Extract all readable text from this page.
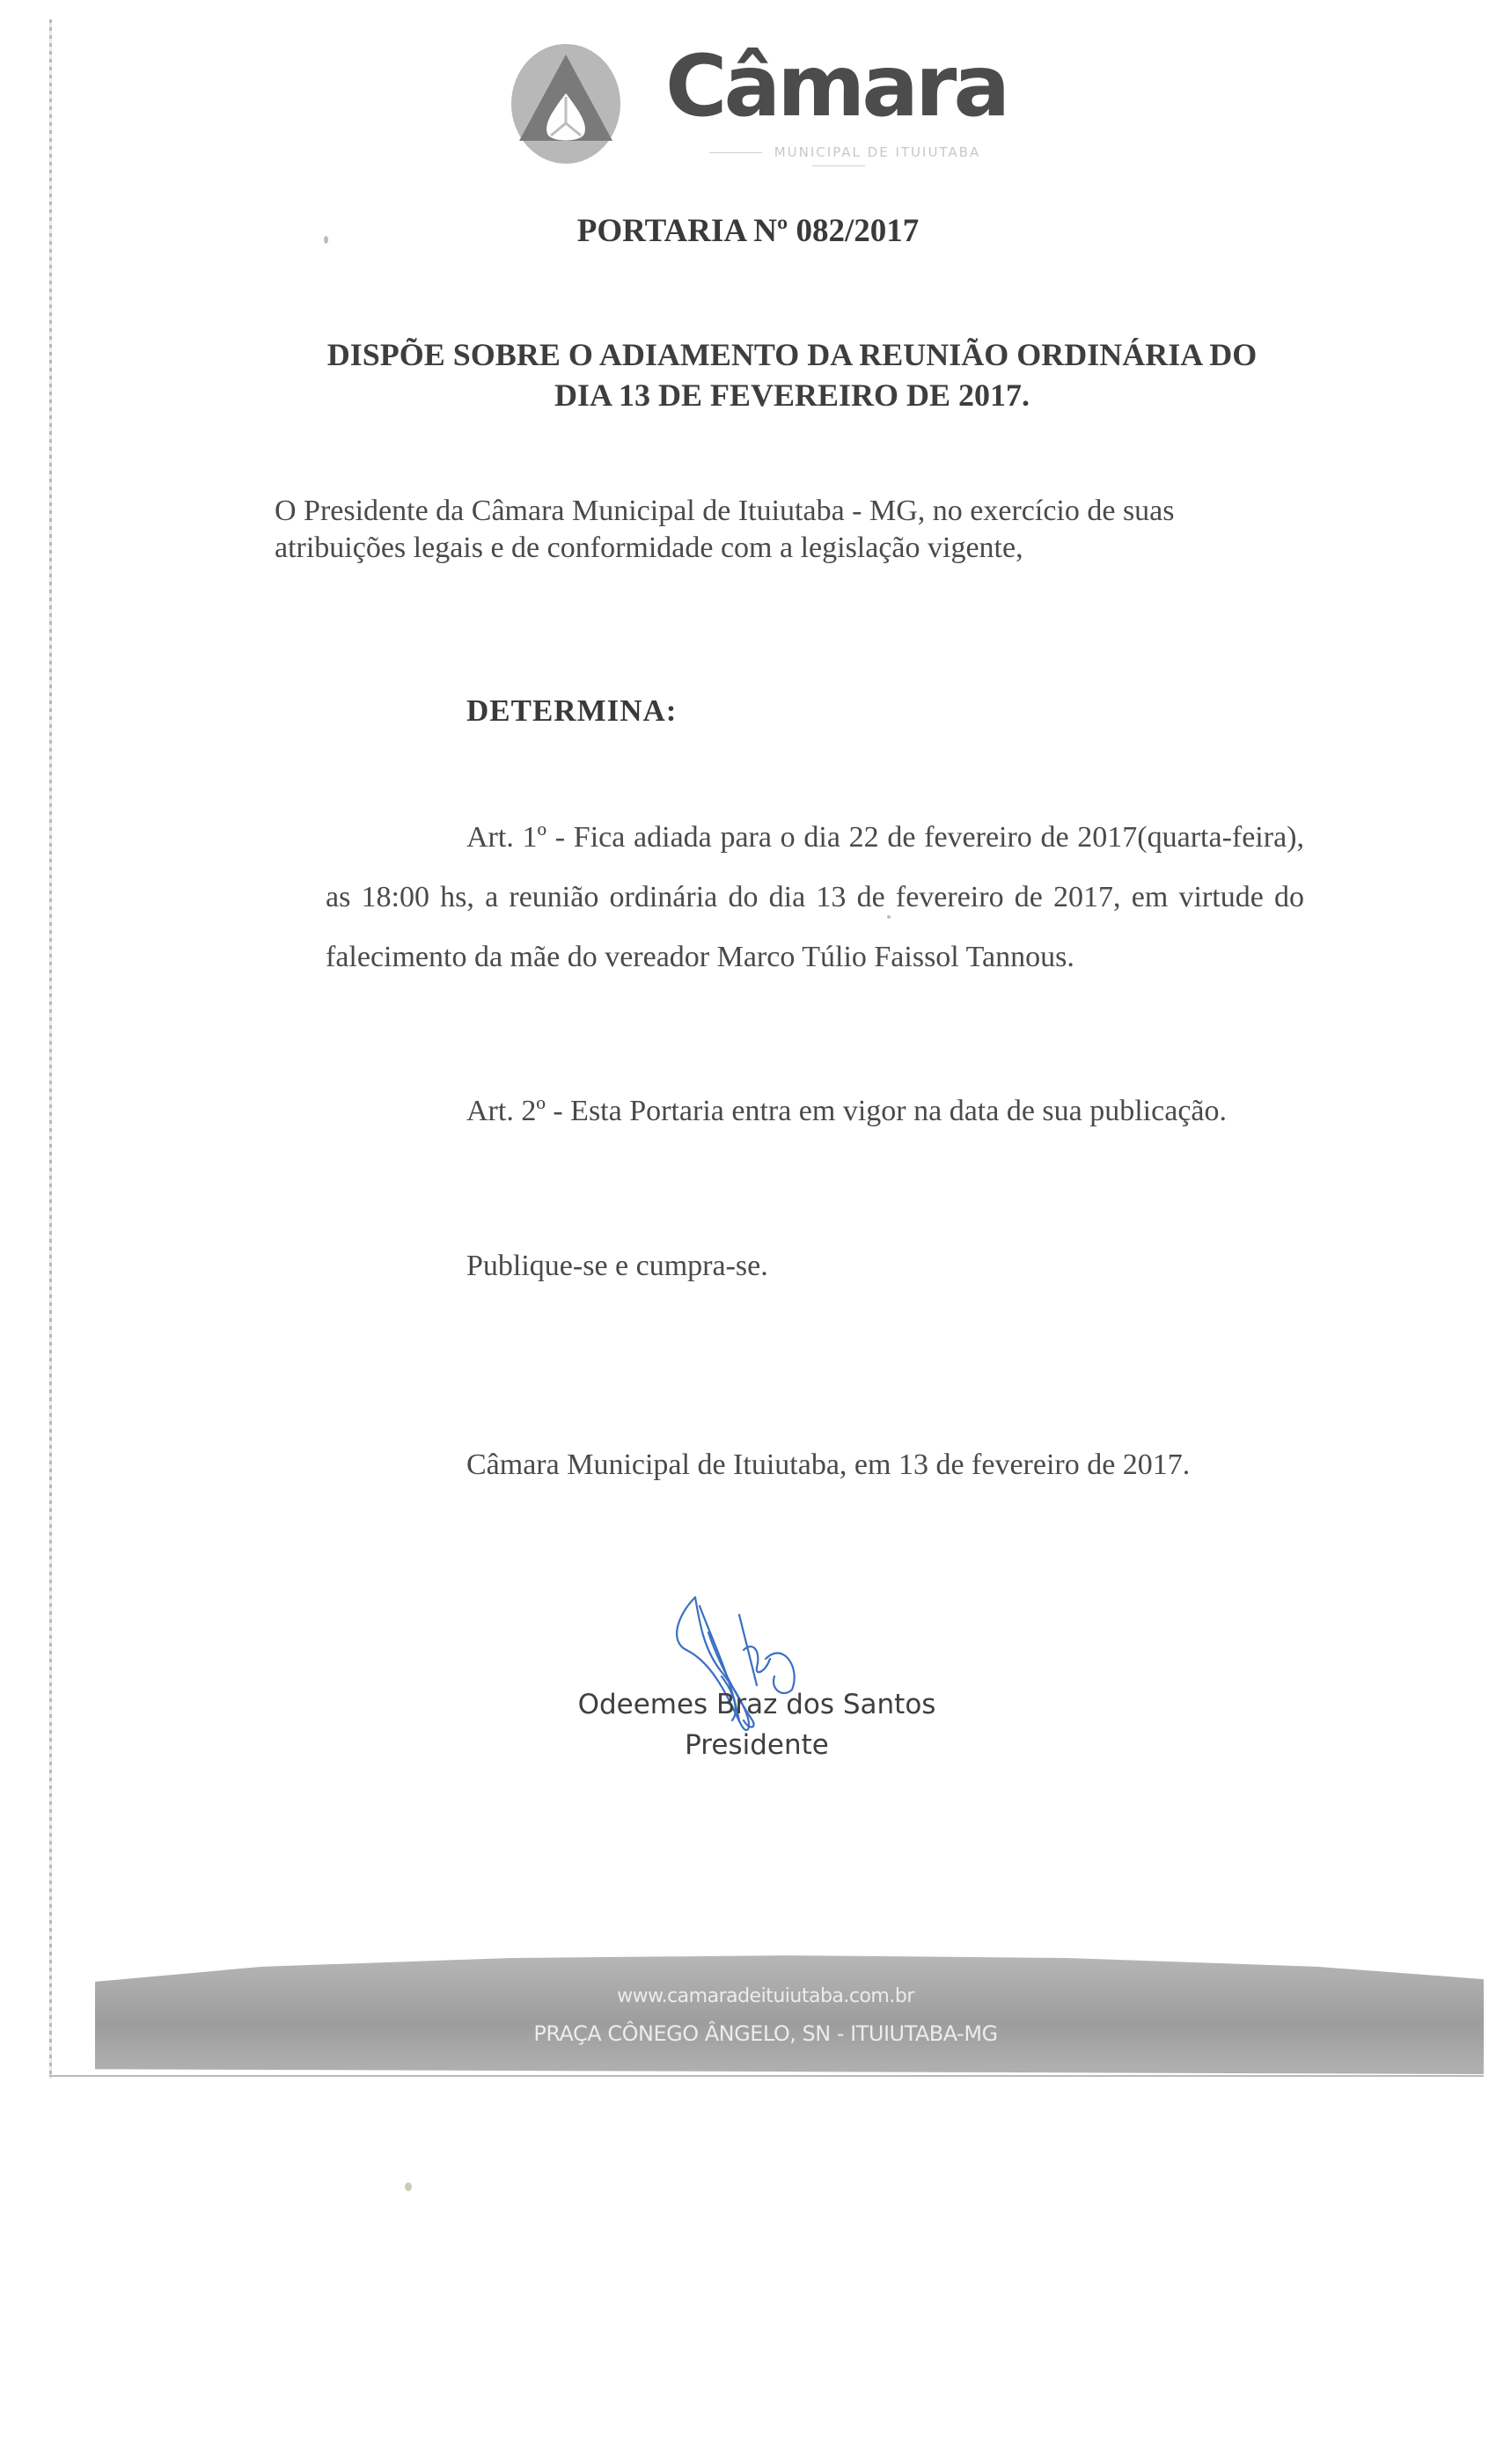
Câmara
MUNICIPAL DE ITUIUTABA
PORTARIA Nº 082/2017
DISPÕE SOBRE O ADIAMENTO DA REUNIÃO ORDINÁRIA DO
DIA 13 DE FEVEREIRO DE 2017.
O Presidente da Câmara Municipal de Ituiutaba - MG, no exercício de suas atribuições legais e de conformidade com a legislação vigente,
DETERMINA:
Art. 1º - Fica adiada para o dia 22 de fevereiro de 2017(quarta-feira), as 18:00 hs, a reunião ordinária do dia 13 de fevereiro de 2017, em virtude do falecimento da mãe do vereador Marco Túlio Faissol Tannous.
Art. 2º - Esta Portaria entra em vigor na data de sua publicação.
Publique-se e cumpra-se.
Câmara Municipal de Ituiutaba, em 13 de fevereiro de 2017.
Odeemes Braz dos Santos
Presidente
www.camaradeituiutaba.com.br
PRAÇA CÔNEGO ÂNGELO, SN - ITUIUTABA-MG
